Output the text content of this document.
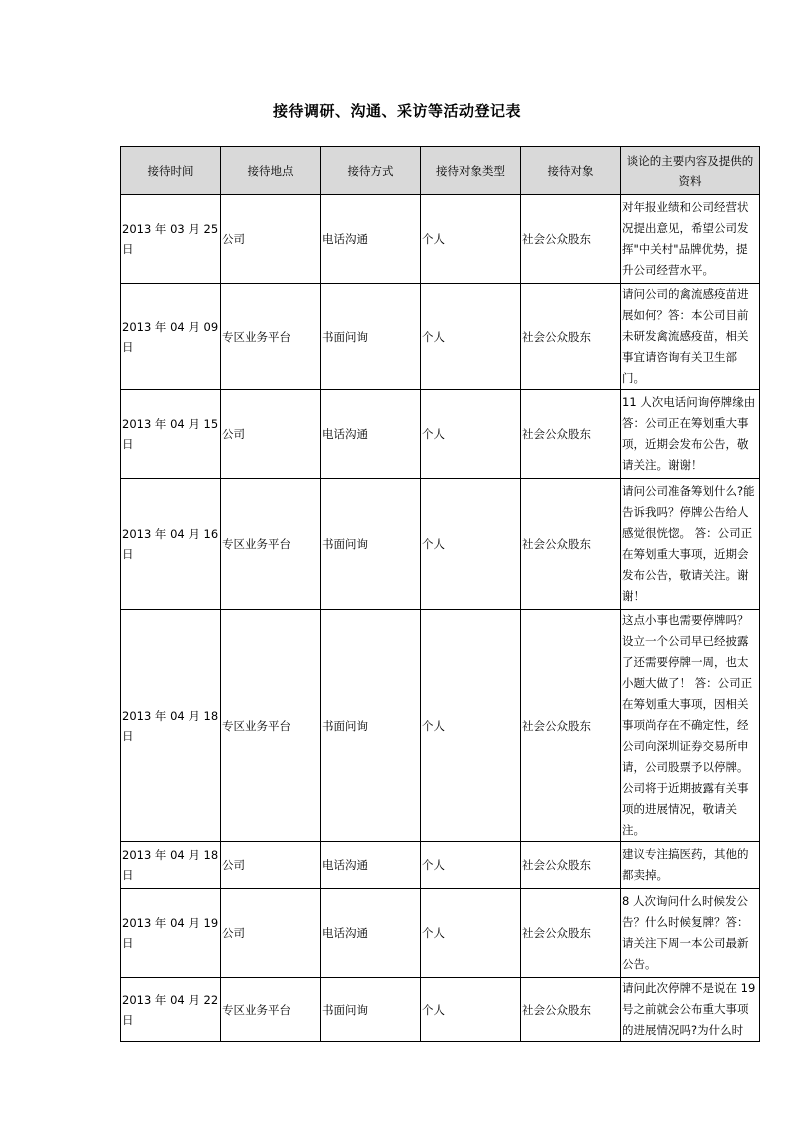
接待调研、沟通、采访等活动登记表
接待时间	接待地点	接待方式	接待对象类型	接待对象	谈论的主要内容及提供的资料
2013 年 03 月 25 日	公司	电话沟通	个人	社会公众股东	对年报业绩和公司经营状况提出意见，希望公司发挥"中关村"品牌优势，提升公司经营水平。
2013 年 04 月 09 日	专区业务平台	书面问询	个人	社会公众股东	请问公司的禽流感疫苗进展如何？答：本公司目前未研发禽流感疫苗，相关事宜请咨询有关卫生部门。
2013 年 04 月 15 日	公司	电话沟通	个人	社会公众股东	11 人次电话问询停牌缘由 答：公司正在筹划重大事项，近期会发布公告，敬请关注。谢谢！
2013 年 04 月 16 日	专区业务平台	书面问询	个人	社会公众股东	请问公司准备筹划什么?能告诉我吗？停牌公告给人感觉很恍惚。 答：公司正在筹划重大事项，近期会发布公告，敬请关注。谢谢！
2013 年 04 月 18 日	专区业务平台	书面问询	个人	社会公众股东	这点小事也需要停牌吗？设立一个公司早已经披露了还需要停牌一周，也太小题大做了！ 答：公司正在筹划重大事项，因相关事项尚存在不确定性，经公司向深圳证券交易所申请，公司股票予以停牌。公司将于近期披露有关事项的进展情况，敬请关注。
2013 年 04 月 18 日	公司	电话沟通	个人	社会公众股东	建议专注搞医药，其他的都卖掉。
2013 年 04 月 19 日	公司	电话沟通	个人	社会公众股东	8 人次询问什么时候发公告？什么时候复牌？答：请关注下周一本公司最新公告。
2013 年 04 月 22 日	专区业务平台	书面问询	个人	社会公众股东	请问此次停牌不是说在 19 号之前就会公布重大事项的进展情况吗?为什么时
